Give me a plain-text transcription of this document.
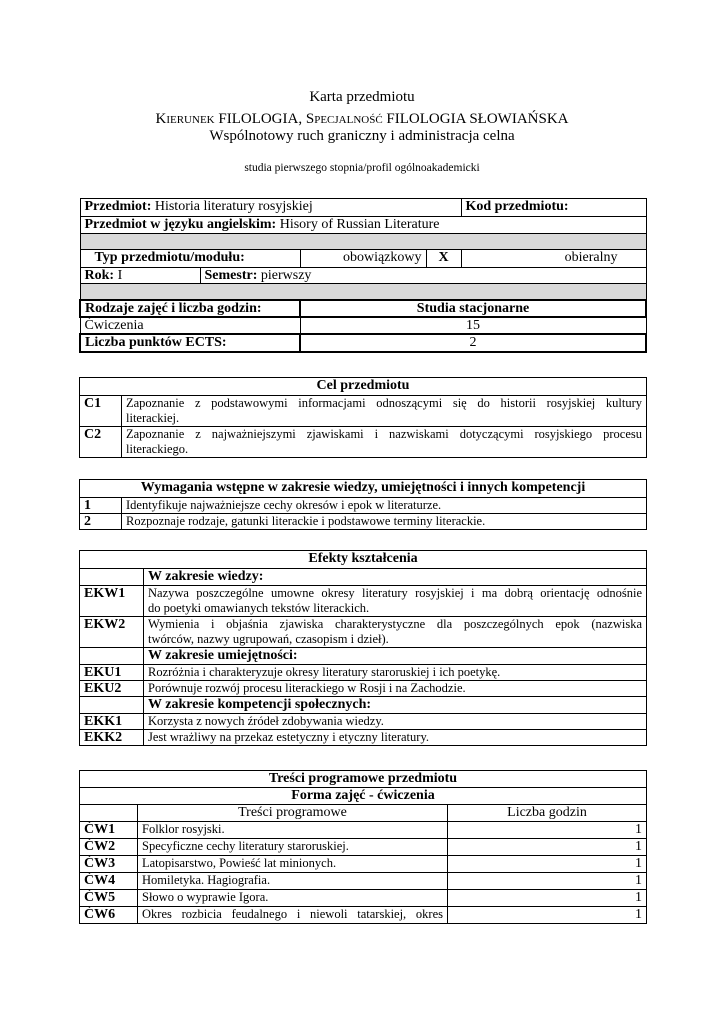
Karta przedmiotu
Kierunek FILOLOGIA, Specjalność FILOLOGIA SŁOWIAŃSKA
Wspólnotowy ruch graniczny i administracja celna
studia pierwszego stopnia/profil ogólnoakademicki
Przedmiot: Historia literatury rosyjskiej				Kod przedmiotu:
Przedmiot w języku angielskim: Hisory of Russian Literature				

Typ przedmiotu/modułu:		obowiązkowy	X	obieralny
Rok: I	Semestr: pierwszy			

Rodzaje zajęć i liczba godzin:		Studia stacjonarne		
Ćwiczenia		15		
Liczba punktów ECTS:		2		
Cel przedmiotu	
C1	Zapoznanie z podstawowymi informacjami odnoszącymi się do historii rosyjskiej kultury
literackiej.

C2	Zapoznanie z najważniejszymi zjawiskami i nazwiskami dotyczącymi rosyjskiego procesu
literackiego.
Wymagania wstępne w zakresie wiedzy, umiejętności i innych kompetencji	
1	Identyfikuje najważniejsze cechy okresów i epok w literaturze.
2	Rozpoznaje rodzaje, gatunki literackie i podstawowe terminy literackie.
Efekty kształcenia	
	W zakresie wiedzy:
EKW1	Nazywa poszczególne umowne okresy literatury rosyjskiej i ma dobrą orientację odnośnie
do poetyki omawianych tekstów literackich.

EKW2	Wymienia i objaśnia zjawiska charakterystyczne dla poszczególnych epok (nazwiska
twórców, nazwy ugrupowań, czasopism i dzieł).

	W zakresie umiejętności:
EKU1	Rozróżnia i charakteryzuje okresy literatury staroruskiej i ich poetykę.
EKU2	Porównuje rozwój procesu literackiego w Rosji i na Zachodzie.
	W zakresie kompetencji społecznych:
EKK1	Korzysta z nowych źródeł zdobywania wiedzy.
EKK2	Jest wrażliwy na przekaz estetyczny i etyczny literatury.
Treści programowe przedmiotu		
Forma zajęć - ćwiczenia		
	Treści programowe	Liczba godzin
ĆW1	Folklor rosyjski.	1
ĆW2	Specyficzne cechy literatury staroruskiej.	1
ĆW3	Latopisarstwo, Powieść lat minionych.	1
ĆW4	Homiletyka. Hagiografia.	1
ĆW5	Słowo o wyprawie Igora.	1
ĆW6	Okres rozbicia feudalnego i niewoli tatarskiej, okres	1
